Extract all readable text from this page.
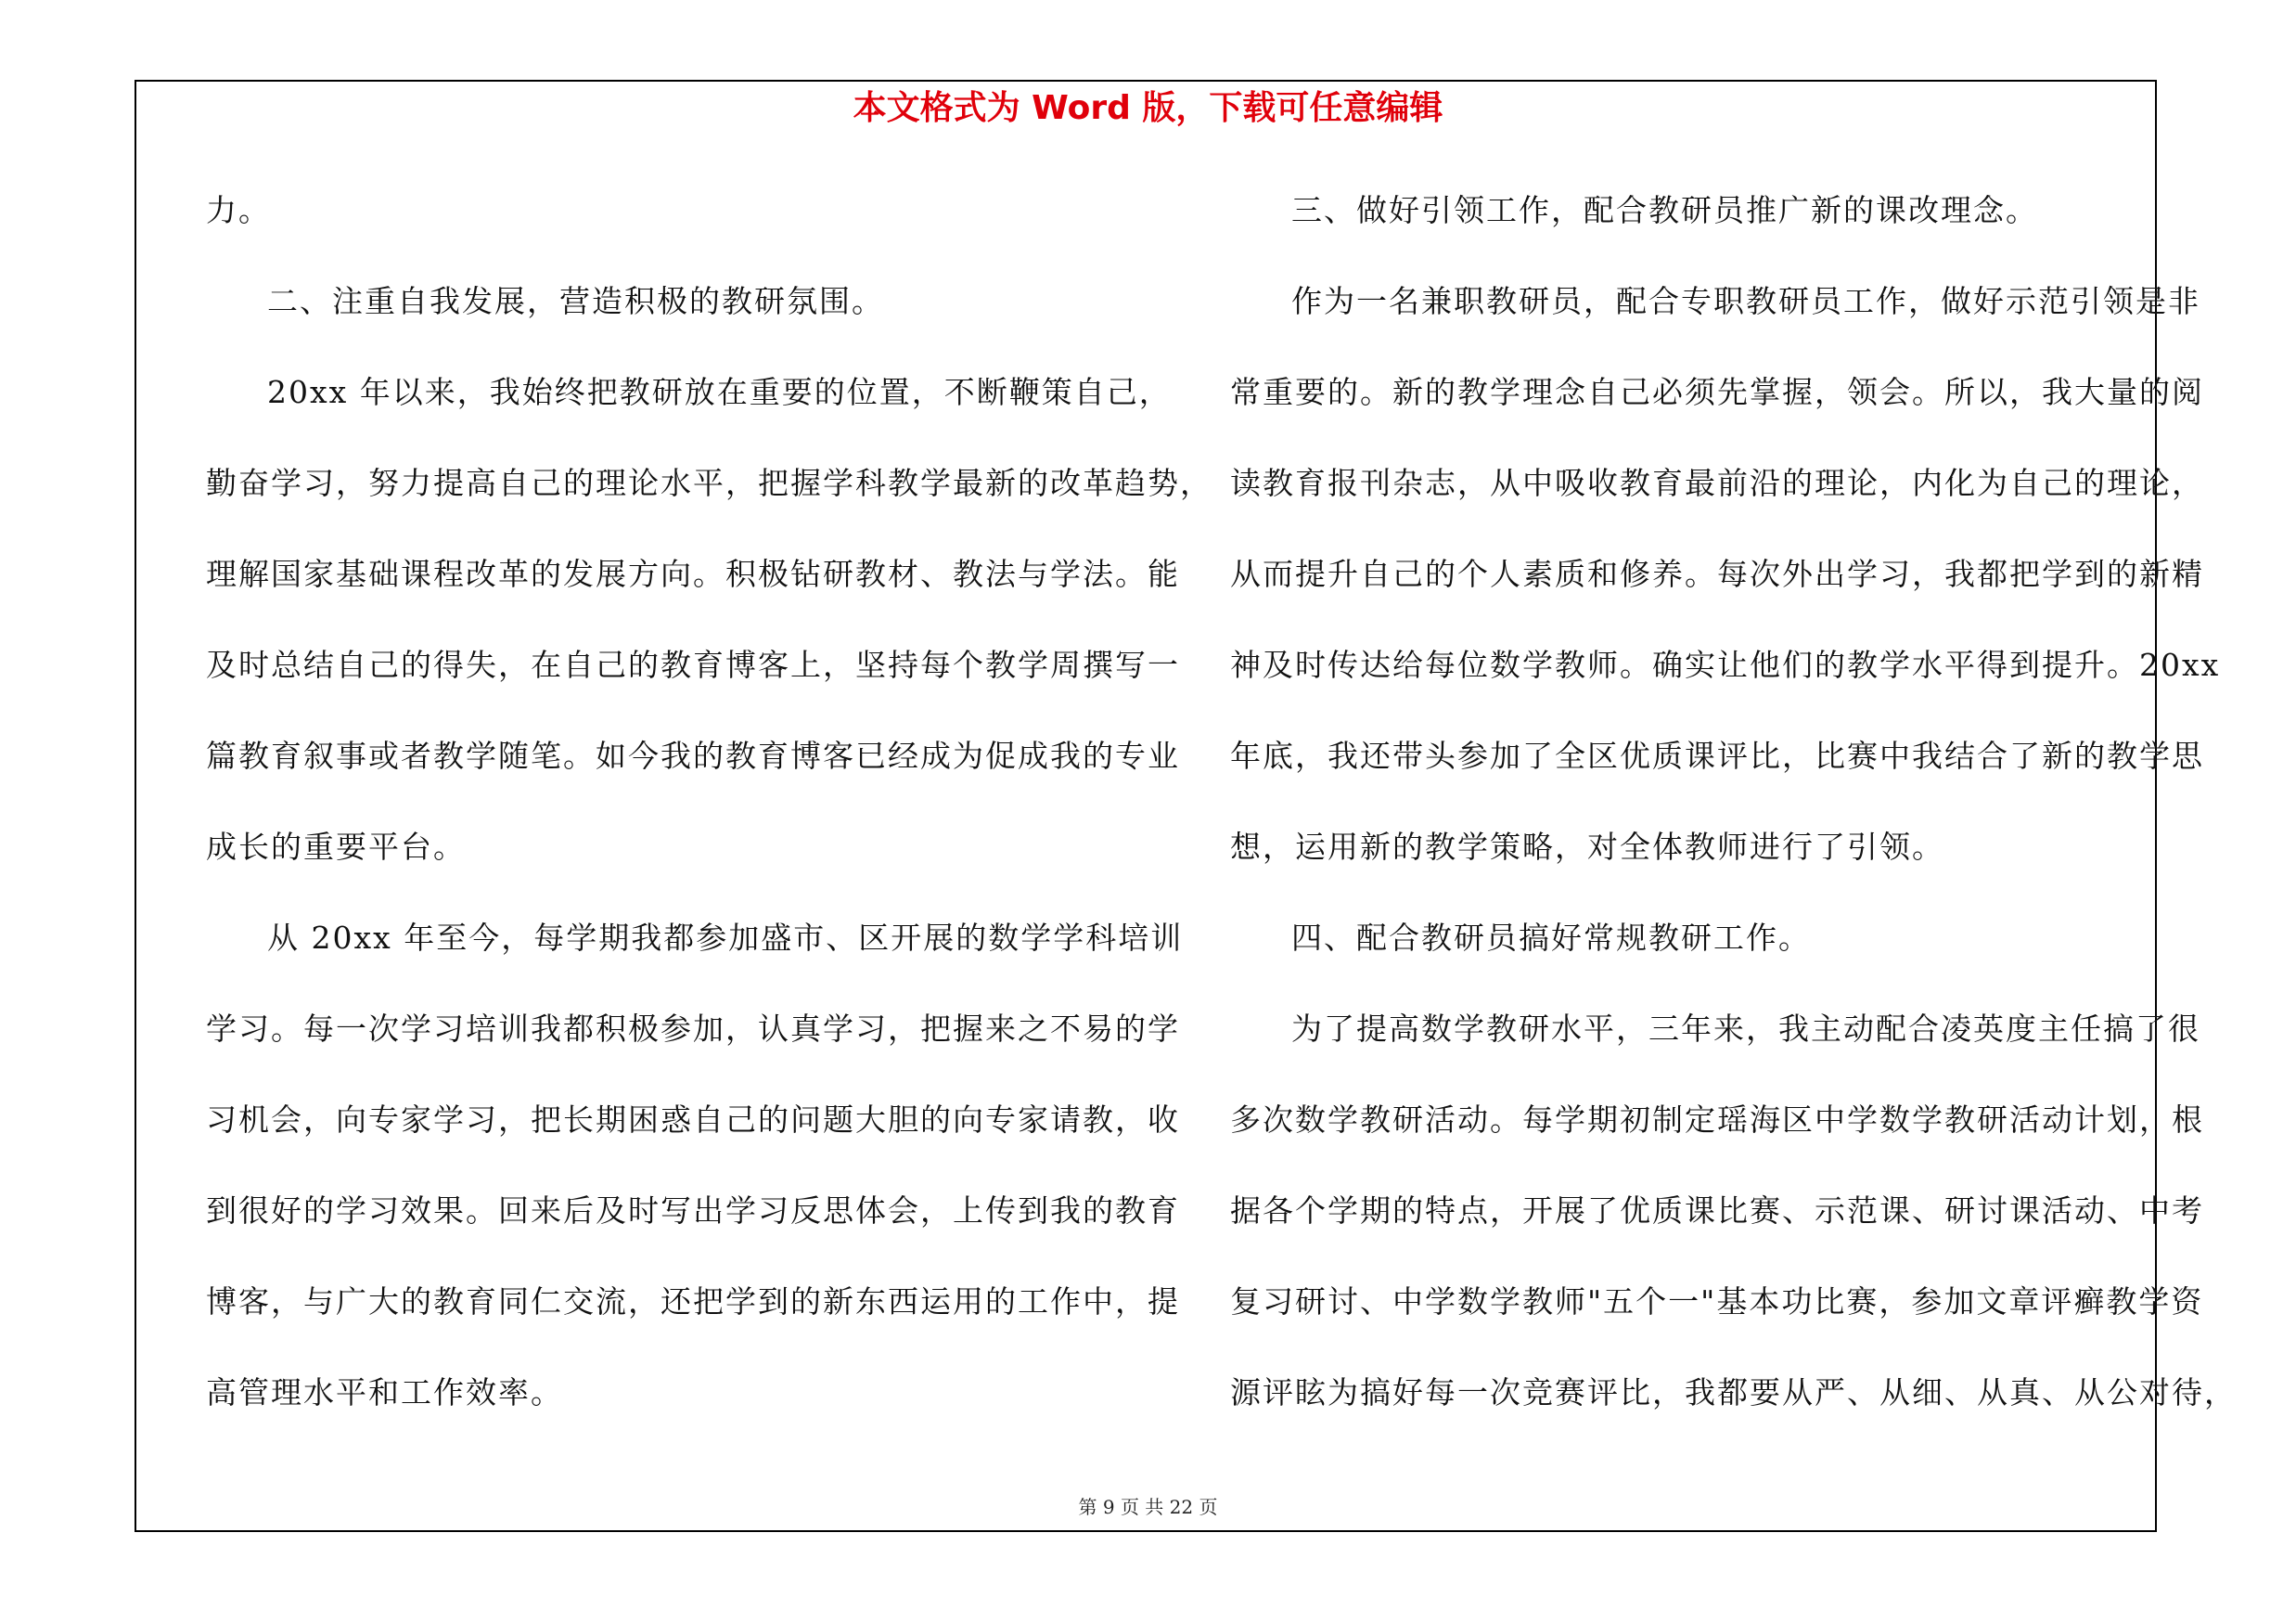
本文格式为 Word 版，下载可任意编辑
力。
二、注重自我发展，营造积极的教研氛围。
20xx 年以来，我始终把教研放在重要的位置，不断鞭策自己，
勤奋学习，努力提高自己的理论水平，把握学科教学最新的改革趋势，
理解国家基础课程改革的发展方向。积极钻研教材、教法与学法。能
及时总结自己的得失，在自己的教育博客上，坚持每个教学周撰写一
篇教育叙事或者教学随笔。如今我的教育博客已经成为促成我的专业
成长的重要平台。
从 20xx 年至今，每学期我都参加盛市、区开展的数学学科培训
学习。每一次学习培训我都积极参加，认真学习，把握来之不易的学
习机会，向专家学习，把长期困惑自己的问题大胆的向专家请教，收
到很好的学习效果。回来后及时写出学习反思体会，上传到我的教育
博客，与广大的教育同仁交流，还把学到的新东西运用的工作中，提
高管理水平和工作效率。
三、做好引领工作，配合教研员推广新的课改理念。
作为一名兼职教研员，配合专职教研员工作，做好示范引领是非
常重要的。新的教学理念自己必须先掌握，领会。所以，我大量的阅
读教育报刊杂志，从中吸收教育最前沿的理论，内化为自己的理论，
从而提升自己的个人素质和修养。每次外出学习，我都把学到的新精
神及时传达给每位数学教师。确实让他们的教学水平得到提升。20xx
年底，我还带头参加了全区优质课评比，比赛中我结合了新的教学思
想，运用新的教学策略，对全体教师进行了引领。
四、配合教研员搞好常规教研工作。
为了提高数学教研水平，三年来，我主动配合凌英度主任搞了很
多次数学教研活动。每学期初制定瑶海区中学数学教研活动计划，根
据各个学期的特点，开展了优质课比赛、示范课、研讨课活动、中考
复习研讨、中学数学教师"五个一"基本功比赛，参加文章评癣教学资
源评眩为搞好每一次竞赛评比，我都要从严、从细、从真、从公对待，
第 9 页 共 22 页
